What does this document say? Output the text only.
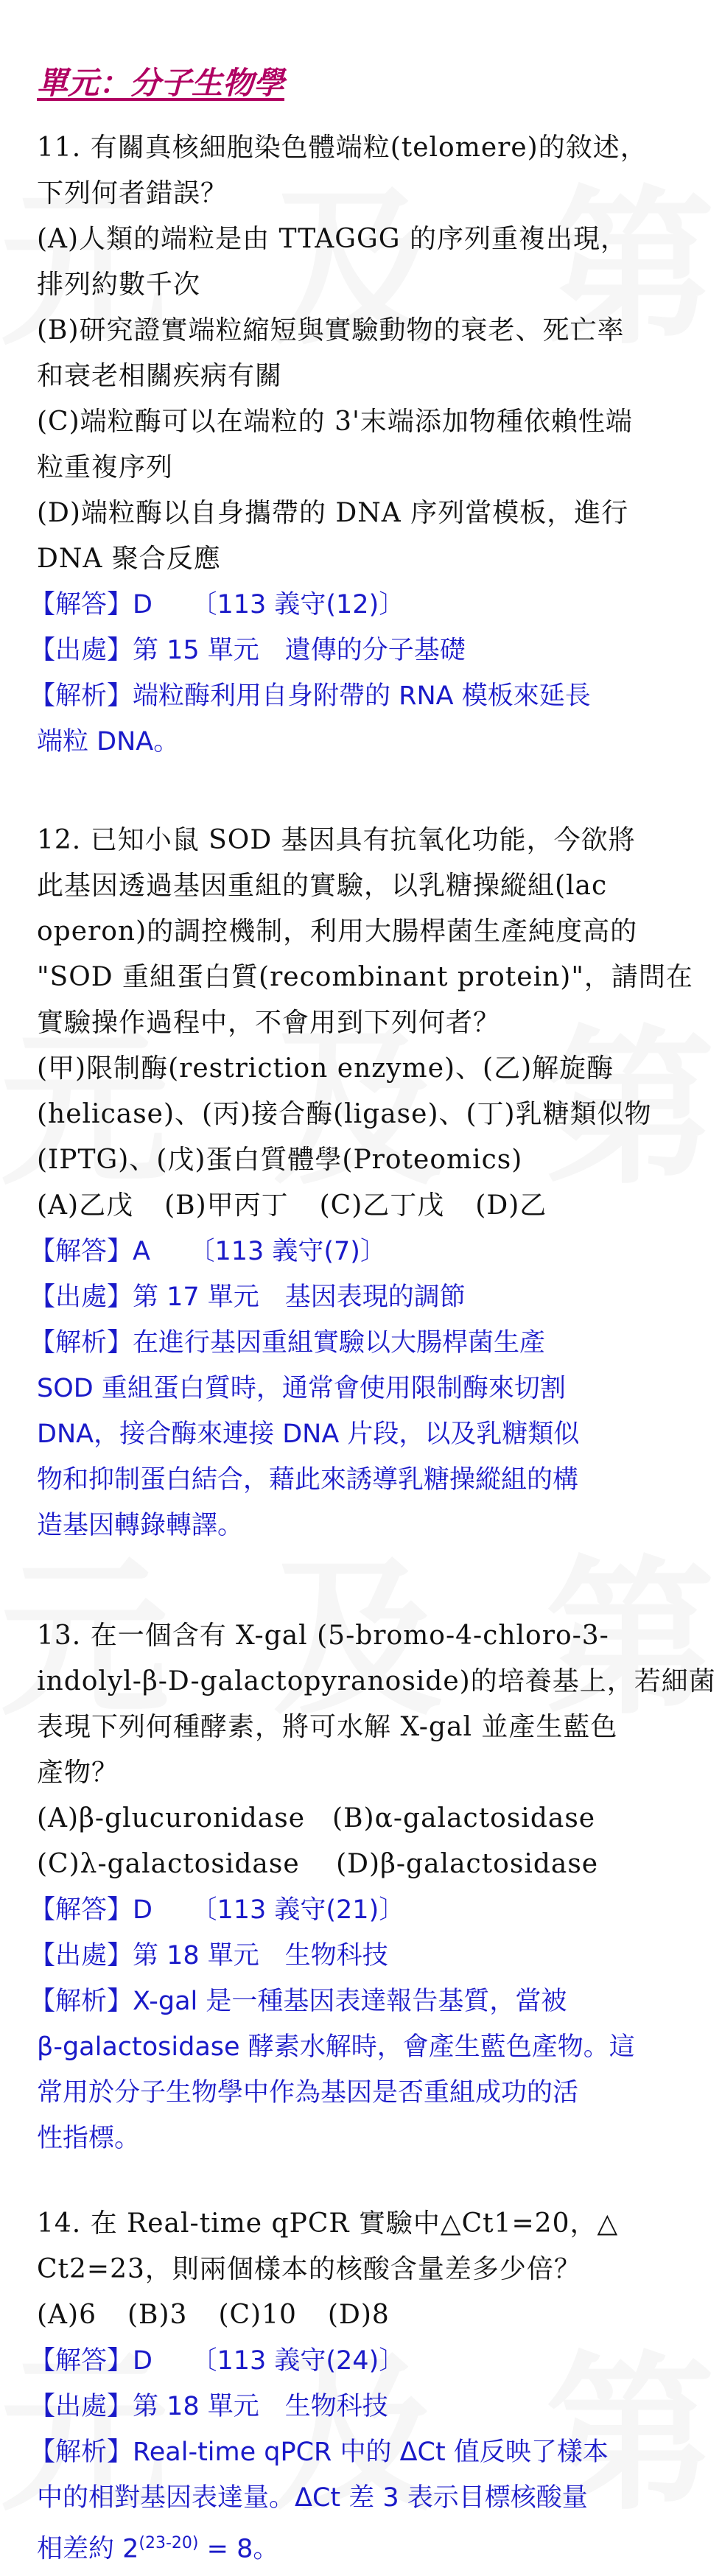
單元：分子生物學

11. 有關真核細胞染色體端粒(telomere)的敘述，

下列何者錯誤？

(A)人類的端粒是由 TTAGGG 的序列重複出現，

排列約數千次

(B)研究證實端粒縮短與實驗動物的衰老、死亡率

和衰老相關疾病有關

(C)端粒酶可以在端粒的 3'末端添加物種依賴性端

粒重複序列

(D)端粒酶以自身攜帶的 DNA 序列當模板，進行

DNA 聚合反應

【解答】D　　〔113 義守(12)〕

【出處】第 15 單元　遺傳的分子基礎

【解析】端粒酶利用自身附帶的 RNA 模板來延長

端粒 DNA。

12. 已知小鼠 SOD 基因具有抗氧化功能，今欲將

此基因透過基因重組的實驗，以乳糖操縱組(lac

operon)的調控機制，利用大腸桿菌生產純度高的

"SOD 重組蛋白質(recombinant protein)"，請問在

實驗操作過程中，不會用到下列何者？

(甲)限制酶(restriction enzyme)、(乙)解旋酶

(helicase)、(丙)接合酶(ligase)、(丁)乳糖類似物

(IPTG)、(戊)蛋白質體學(Proteomics)

(A)乙戊 (B)甲丙丁 (C)乙丁戊 (D)乙

【解答】A　　〔113 義守(7)〕

【出處】第 17 單元　基因表現的調節

【解析】在進行基因重組實驗以大腸桿菌生產

SOD 重組蛋白質時，通常會使用限制酶來切割

DNA，接合酶來連接 DNA 片段，以及乳糖類似

物和抑制蛋白結合，藉此來誘導乳糖操縱組的構

造基因轉錄轉譯。

13. 在一個含有 X-gal (5-bromo-4-chloro-3-

indolyl-β-D-galactopyranoside)的培養基上，若細菌

表現下列何種酵素，將可水解 X-gal 並產生藍色

產物？

(A)β-glucuronidase　(B)α-galactosidase

(C)λ-galactosidase　 (D)β-galactosidase

【解答】D　　〔113 義守(21)〕

【出處】第 18 單元　生物科技

【解析】X-gal 是一種基因表達報告基質，當被

β-galactosidase 酵素水解時，會產生藍色產物。這

常用於分子生物學中作為基因是否重組成功的活

性指標。

14. 在 Real-time qPCR 實驗中△Ct1=20，△

Ct2=23，則兩個樣本的核酸含量差多少倍？

(A)6 (B)3 (C)10 (D)8

【解答】D　　〔113 義守(24)〕

【出處】第 18 單元　生物科技

【解析】Real-time qPCR 中的 ΔCt 值反映了樣本

中的相對基因表達量。ΔCt 差 3 表示目標核酸量

相差約 $2^{(23-20)} = 8$。
